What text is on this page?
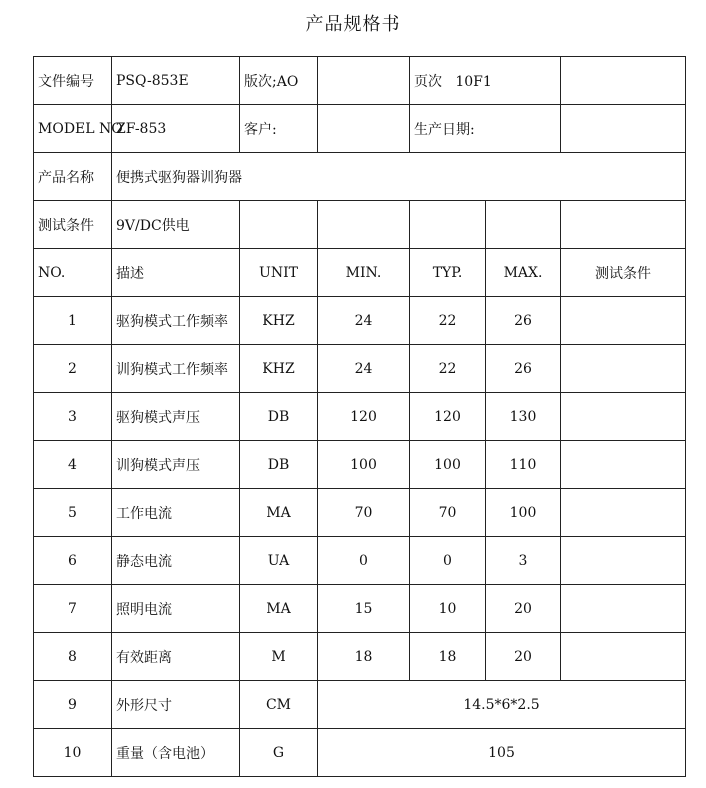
产品规格书
文件编号	PSQ-853E	版次;AO		页次 10F1		
MODEL NO	ZF-853	客户:		生产日期:		
产品名称	便携式驱狗器训狗器					
测试条件	9V/DC供电					
NO.	描述	UNIT	MIN.	TYP.	MAX.	测试条件
1	驱狗模式工作频率	KHZ	24	22	26	
2	训狗模式工作频率	KHZ	24	22	26	
3	驱狗模式声压	DB	120	120	130	
4	训狗模式声压	DB	100	100	110	
5	工作电流	MA	70	70	100	
6	静态电流	UA	0	0	3	
7	照明电流	MA	15	10	20	
8	有效距离	M	18	18	20	
9	外形尺寸	CM	14.5*6*2.5			
10	重量（含电池）	G	105			
